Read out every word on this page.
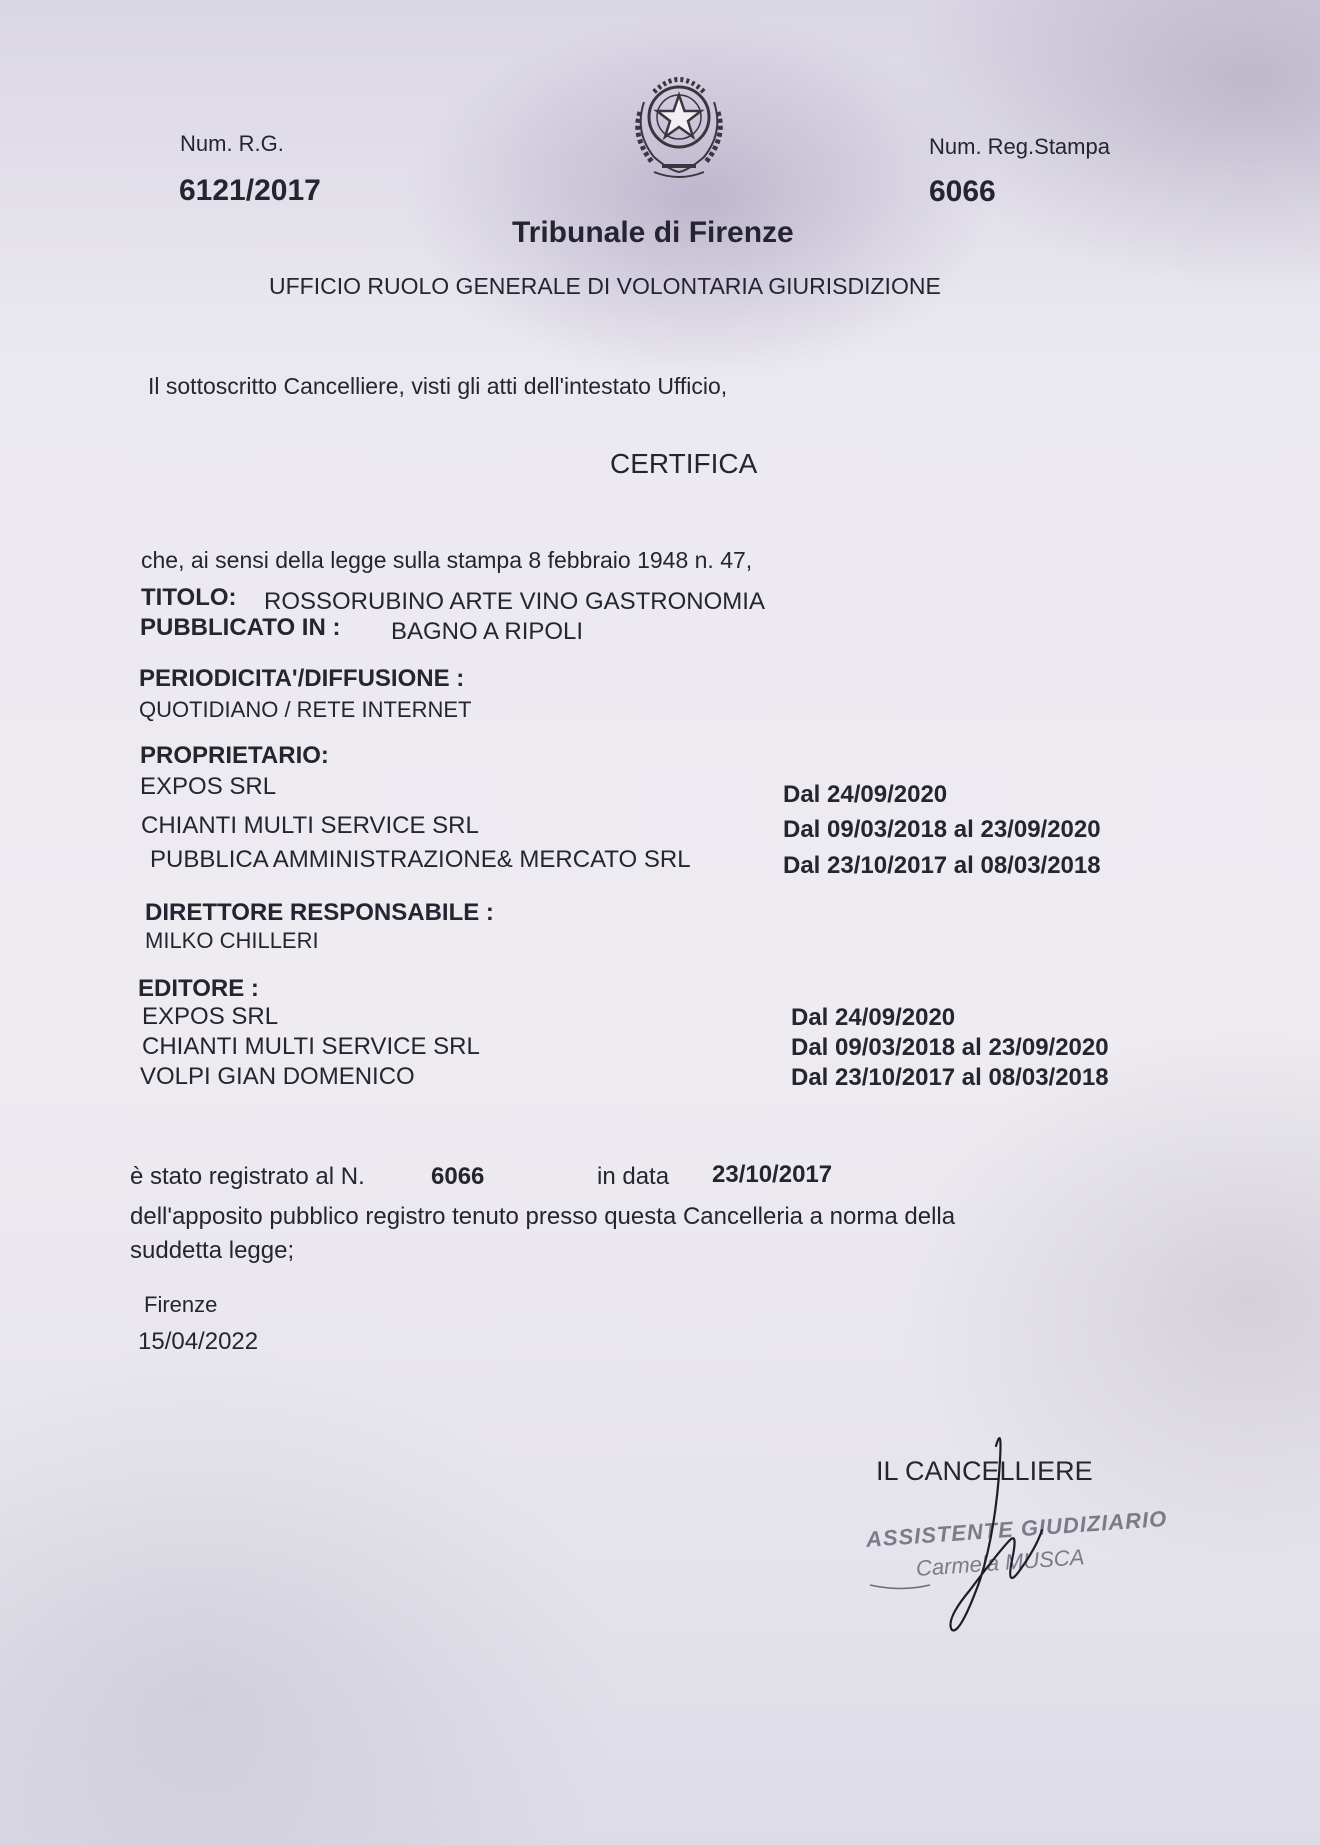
Num. R.G.
6121/2017
Num. Reg.Stampa
6066
Tribunale di Firenze
UFFICIO RUOLO GENERALE DI VOLONTARIA GIURISDIZIONE
Il sottoscritto Cancelliere, visti gli atti dell'intestato Ufficio,
CERTIFICA
che, ai sensi della legge sulla stampa 8 febbraio 1948 n. 47,
TITOLO: ROSSORUBINO ARTE VINO GASTRONOMIA
PUBBLICATO IN : BAGNO A RIPOLI
PERIODICITA'/DIFFUSIONE :
QUOTIDIANO / RETE INTERNET
PROPRIETARIO:
EXPOS SRL	Dal 24/09/2020
CHIANTI MULTI SERVICE SRL	Dal 09/03/2018 al 23/09/2020
PUBBLICA AMMINISTRAZIONE& MERCATO SRL	Dal 23/10/2017 al 08/03/2018
DIRETTORE RESPONSABILE :
MILKO CHILLERI
EDITORE :
EXPOS SRL	Dal 24/09/2020
CHIANTI MULTI SERVICE SRL	Dal 09/03/2018 al 23/09/2020
VOLPI GIAN DOMENICO	Dal 23/10/2017 al 08/03/2018
è stato registrato al N.	6066	in data 23/10/2017
dell'apposito pubblico registro tenuto presso questa Cancelleria a norma della
suddetta legge;
Firenze
15/04/2022
IL CANCELLIERE
ASSISTENTE GIUDIZIARIO
Carmela MUSCA
